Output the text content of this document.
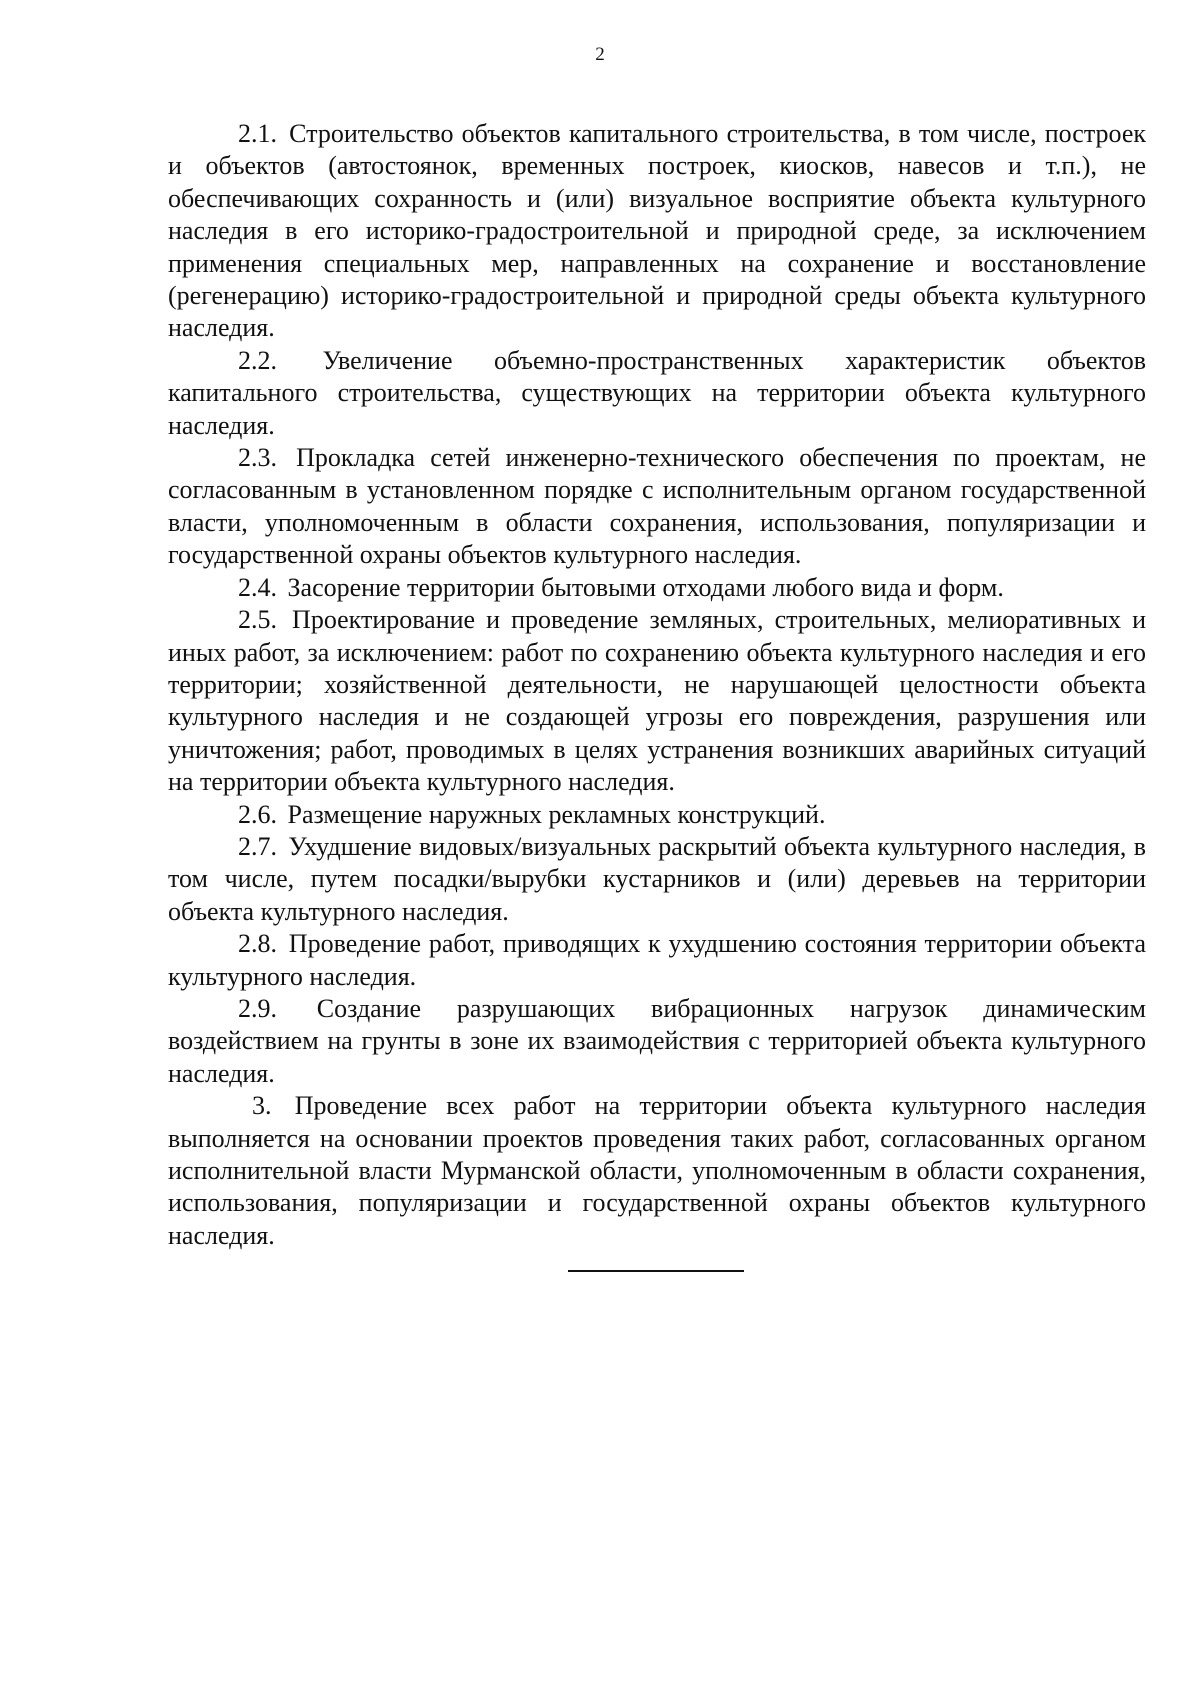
2

2.1. Строительство объектов капитального строительства, в том числе, построек и объектов (автостоянок, временных построек, киосков, навесов и т.п.), не обеспечивающих сохранность и (или) визуальное восприятие объекта культурного наследия в его историко-градостроительной и природной среде, за исключением применения специальных мер, направленных на сохранение и восстановление (регенерацию) историко-градостроительной и природной среды объекта культурного наследия.

2.2. Увеличение объемно-пространственных характеристик объектов капитального строительства, существующих на территории объекта культурного наследия.

2.3. Прокладка сетей инженерно-технического обеспечения по проектам, не согласованным в установленном порядке с исполнительным органом государственной власти, уполномоченным в области сохранения, использования, популяризации и государственной охраны объектов культурного наследия.

2.4. Засорение территории бытовыми отходами любого вида и форм.

2.5. Проектирование и проведение земляных, строительных, мелиоративных и иных работ, за исключением: работ по сохранению объекта культурного наследия и его территории; хозяйственной деятельности, не нарушающей целостности объекта культурного наследия и не создающей угрозы его повреждения, разрушения или уничтожения; работ, проводимых в целях устранения возникших аварийных ситуаций на территории объекта культурного наследия.

2.6. Размещение наружных рекламных конструкций.

2.7. Ухудшение видовых/визуальных раскрытий объекта культурного наследия, в том числе, путем посадки/вырубки кустарников и (или) деревьев на территории объекта культурного наследия.

2.8. Проведение работ, приводящих к ухудшению состояния территории объекта культурного наследия.

2.9. Создание разрушающих вибрационных нагрузок динамическим воздействием на грунты в зоне их взаимодействия с территорией объекта культурного наследия.

3. Проведение всех работ на территории объекта культурного наследия выполняется на основании проектов проведения таких работ, согласованных органом исполнительной власти Мурманской области, уполномоченным в области сохранения, использования, популяризации и государственной охраны объектов культурного наследия.
